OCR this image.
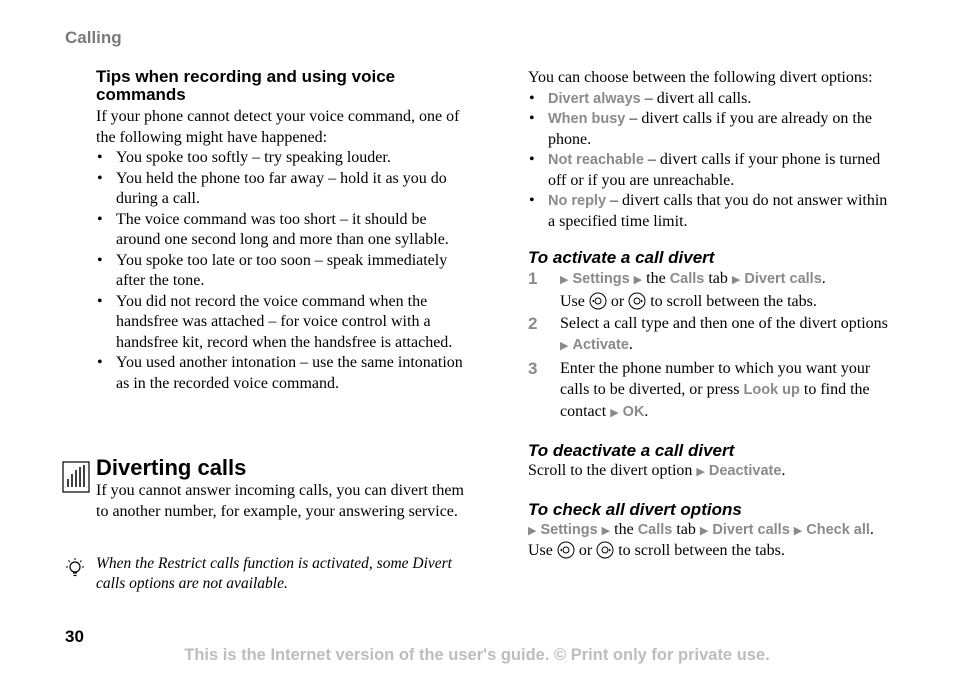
Calling
Tips when recording and using voice commands

If your phone cannot detect your voice command, one of the following might have happened:

• You spoke too softly – try speaking louder.
• You held the phone too far away – hold it as you do during a call.
• The voice command was too short – it should be around one second long and more than one syllable.
• You spoke too late or too soon – speak immediately after the tone.
• You did not record the voice command when the handsfree was attached – for voice control with a handsfree kit, record when the handsfree is attached.
• You used another intonation – use the same intonation as in the recorded voice command.
Diverting calls

If you cannot answer incoming calls, you can divert them to another number, for example, your answering service.

When the Restrict calls function is activated, some Divert calls options are not available.

You can choose between the following divert options:

• Divert always – divert all calls.
• When busy – divert calls if you are already on the phone.
• Not reachable – divert calls if your phone is turned off or if you are unreachable.
• No reply – divert calls that you do not answer within a specified time limit.
To activate a call divert
1 ▶ Settings ▶ the Calls tab ▶ Divert calls.
Use  or  to scroll between the tabs.
2 Select a call type and then one of the divert options ▶ Activate.
3 Enter the phone number to which you want your calls to be diverted, or press Look up to find the contact ▶ OK.
To deactivate a call divert

Scroll to the divert option ▶ Deactivate.

To check all divert options

▶ Settings ▶ the Calls tab ▶ Divert calls ▶ Check all.
Use  or  to scroll between the tabs.

30
This is the Internet version of the user's guide. © Print only for private use.
